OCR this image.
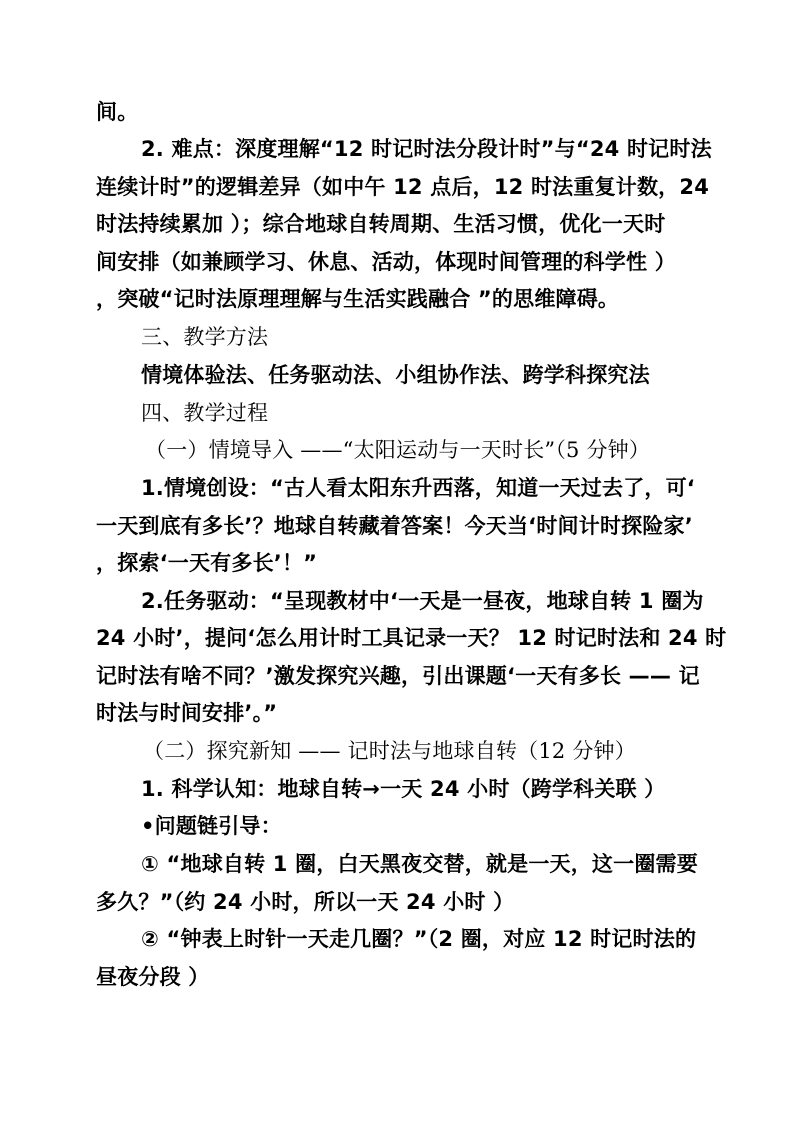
间。
2. 难点：深度理解“12 时记时法分段计时”与“24 时记时法
连续计时”的逻辑差异（如中午 12 点后，12 时法重复计数，24
时法持续累加 ）；综合地球自转周期、生活习惯，优化一天时
间安排（如兼顾学习、休息、活动，体现时间管理的科学性 ）
，突破“记时法原理理解与生活实践融合 ”的思维障碍。
三、教学方法
情境体验法、任务驱动法、小组协作法、跨学科探究法
四、教学过程
（一）情境导入 ——“太阳运动与一天时长”（5 分钟）
1.情境创设：“古人看太阳东升西落，知道一天过去了，可‘
一天到底有多长’？地球自转藏着答案！今天当‘时间计时探险家’
，探索‘一天有多长’！”
2.任务驱动：“呈现教材中‘一天是一昼夜，地球自转 1 圈为
24 小时’，提问‘怎么用计时工具记录一天？ 12 时记时法和 24 时
记时法有啥不同？’激发探究兴趣，引出课题‘一天有多长 —— 记
时法与时间安排’。”
（二）探究新知 —— 记时法与地球自转（12 分钟）
1. 科学认知：地球自转→一天 24 小时（跨学科关联 ）
•问题链引导：
① “地球自转 1 圈，白天黑夜交替，就是一天，这一圈需要
多久？”（约 24 小时，所以一天 24 小时 ）
② “钟表上时针一天走几圈？”（2 圈，对应 12 时记时法的
昼夜分段 ）
